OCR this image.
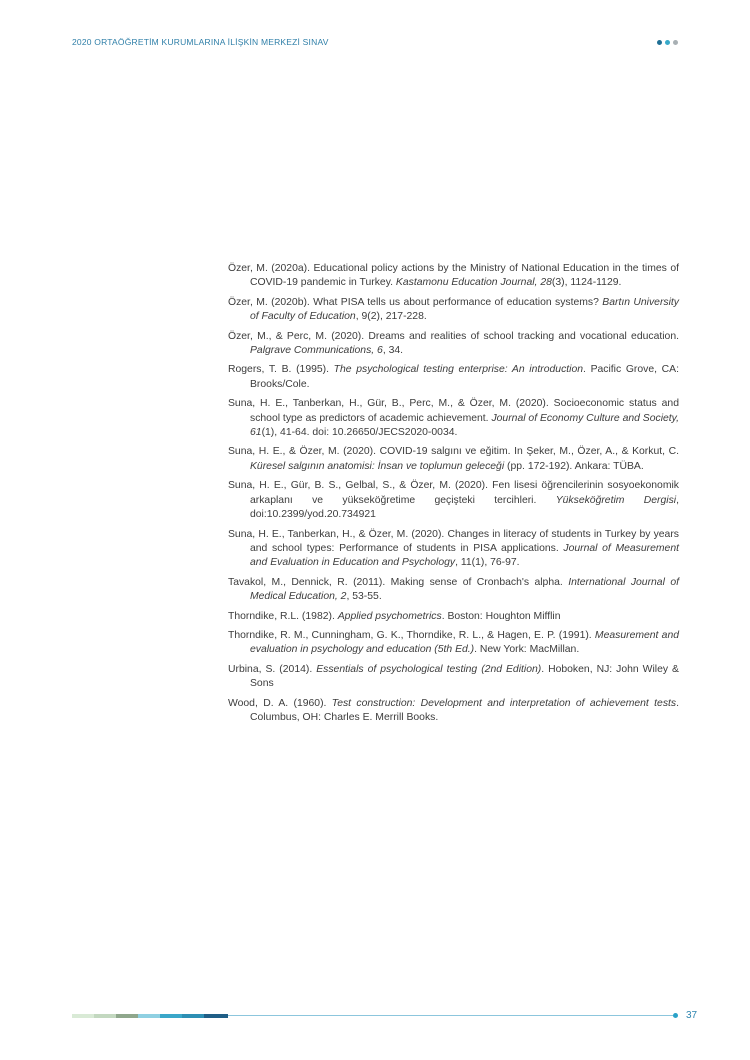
2020 ORTAÖĞRETİM KURUMLARINA İLİŞKİN MERKEZİ SINAV

Özer, M. (2020a). Educational policy actions by the Ministry of National Education in the times of COVID-19 pandemic in Turkey. Kastamonu Education Journal, 28(3), 1124-1129.

Özer, M. (2020b). What PISA tells us about performance of education systems? Bartın University of Faculty of Education, 9(2), 217-228.

Özer, M., & Perc, M. (2020). Dreams and realities of school tracking and vocational education. Palgrave Communications, 6, 34.

Rogers, T. B. (1995). The psychological testing enterprise: An introduction. Pacific Grove, CA: Brooks/Cole.

Suna, H. E., Tanberkan, H., Gür, B., Perc, M., & Özer, M. (2020). Socioeconomic status and school type as predictors of academic achievement. Journal of Economy Culture and Society, 61(1), 41-64. doi: 10.26650/JECS2020-0034.

Suna, H. E., & Özer, M. (2020). COVID-19 salgını ve eğitim. In Şeker, M., Özer, A., & Korkut, C. Küresel salgının anatomisi: İnsan ve toplumun geleceği (pp. 172-192). Ankara: TÜBA.

Suna, H. E., Gür, B. S., Gelbal, S., & Özer, M. (2020). Fen lisesi öğrencilerinin sosyoekonomik arkaplanı ve yükseköğretime geçişteki tercihleri. Yükseköğretim Dergisi, doi:10.2399/yod.20.734921

Suna, H. E., Tanberkan, H., & Özer, M. (2020). Changes in literacy of students in Turkey by years and school types: Performance of students in PISA applications. Journal of Measurement and Evaluation in Education and Psychology, 11(1), 76-97.

Tavakol, M., Dennick, R. (2011). Making sense of Cronbach's alpha. International Journal of Medical Education, 2, 53-55.

Thorndike, R.L. (1982). Applied psychometrics. Boston: Houghton Mifflin

Thorndike, R. M., Cunningham, G. K., Thorndike, R. L., & Hagen, E. P. (1991). Measurement and evaluation in psychology and education (5th Ed.). New York: MacMillan.

Urbina, S. (2014). Essentials of psychological testing (2nd Edition). Hoboken, NJ: John Wiley & Sons

Wood, D. A. (1960). Test construction: Development and interpretation of achievement tests. Columbus, OH: Charles E. Merrill Books.

37
